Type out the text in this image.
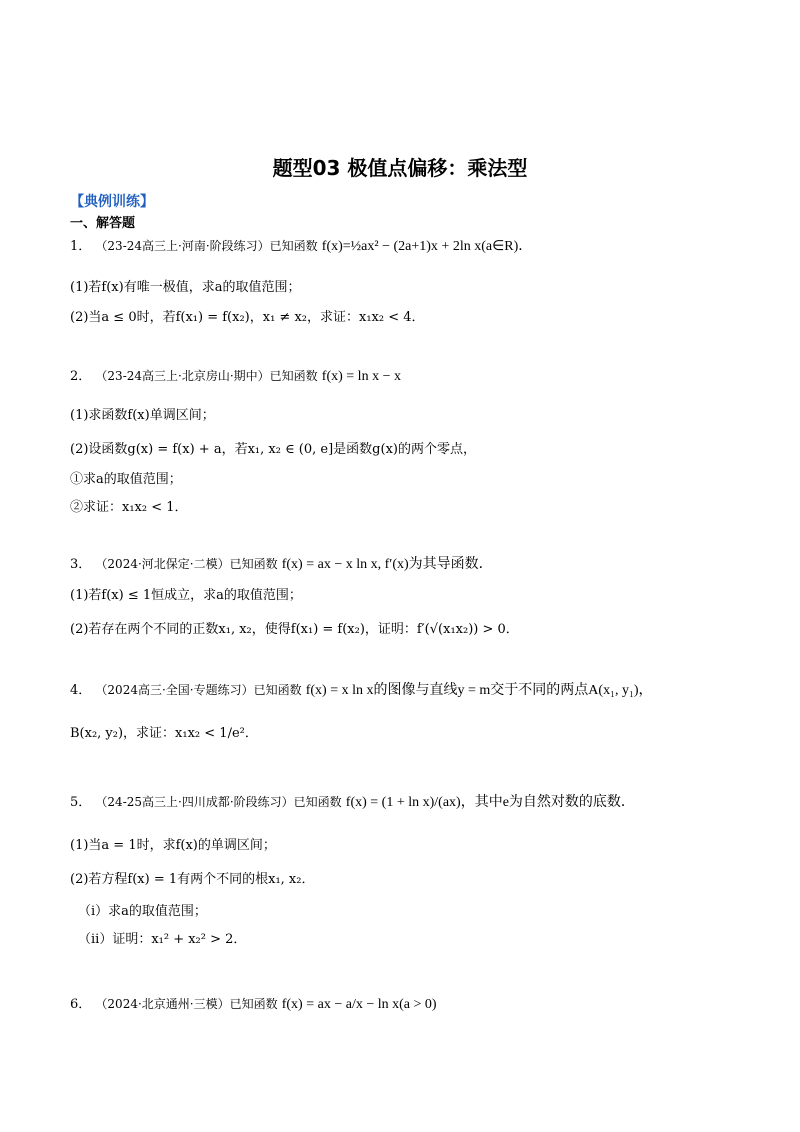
题型03 极值点偏移：乘法型
【典例训练】
一、解答题
1． （23-24高三上·河南·阶段练习）已知函数 f(x)=½ax² − (2a+1)x + 2ln x(a∈R)．
(1)若f(x)有唯一极值，求a的取值范围；
(2)当a ≤ 0时，若f(x₁) = f(x₂)，x₁ ≠ x₂，求证：x₁x₂ < 4．
2． （23-24高三上·北京房山·期中）已知函数 f(x) = ln x − x
(1)求函数f(x)单调区间；
(2)设函数g(x) = f(x) + a，若x₁, x₂ ∈ (0, e]是函数g(x)的两个零点，
①求a的取值范围；
②求证：x₁x₂ < 1．
3． （2024·河北保定·二模）已知函数 f(x) = ax − x ln x, f′(x)为其导函数．
(1)若f(x) ≤ 1恒成立，求a的取值范围；
(2)若存在两个不同的正数x₁, x₂，使得f(x₁) = f(x₂)，证明：f′(√(x₁x₂)) > 0．
4． （2024高三·全国·专题练习）已知函数 f(x) = x ln x的图像与直线y = m交于不同的两点A(x₁, y₁)，
B(x₂, y₂)，求证：x₁x₂ < 1/e²．
5． （24-25高三上·四川成都·阶段练习）已知函数 f(x) = (1 + ln x)/(ax)，其中e为自然对数的底数．
(1)当a = 1时，求f(x)的单调区间；
(2)若方程f(x) = 1有两个不同的根x₁, x₂．
（i）求a的取值范围；
（ii）证明：x₁² + x₂² > 2．
6． （2024·北京通州·三模）已知函数 f(x) = ax − a/x − ln x(a > 0)
